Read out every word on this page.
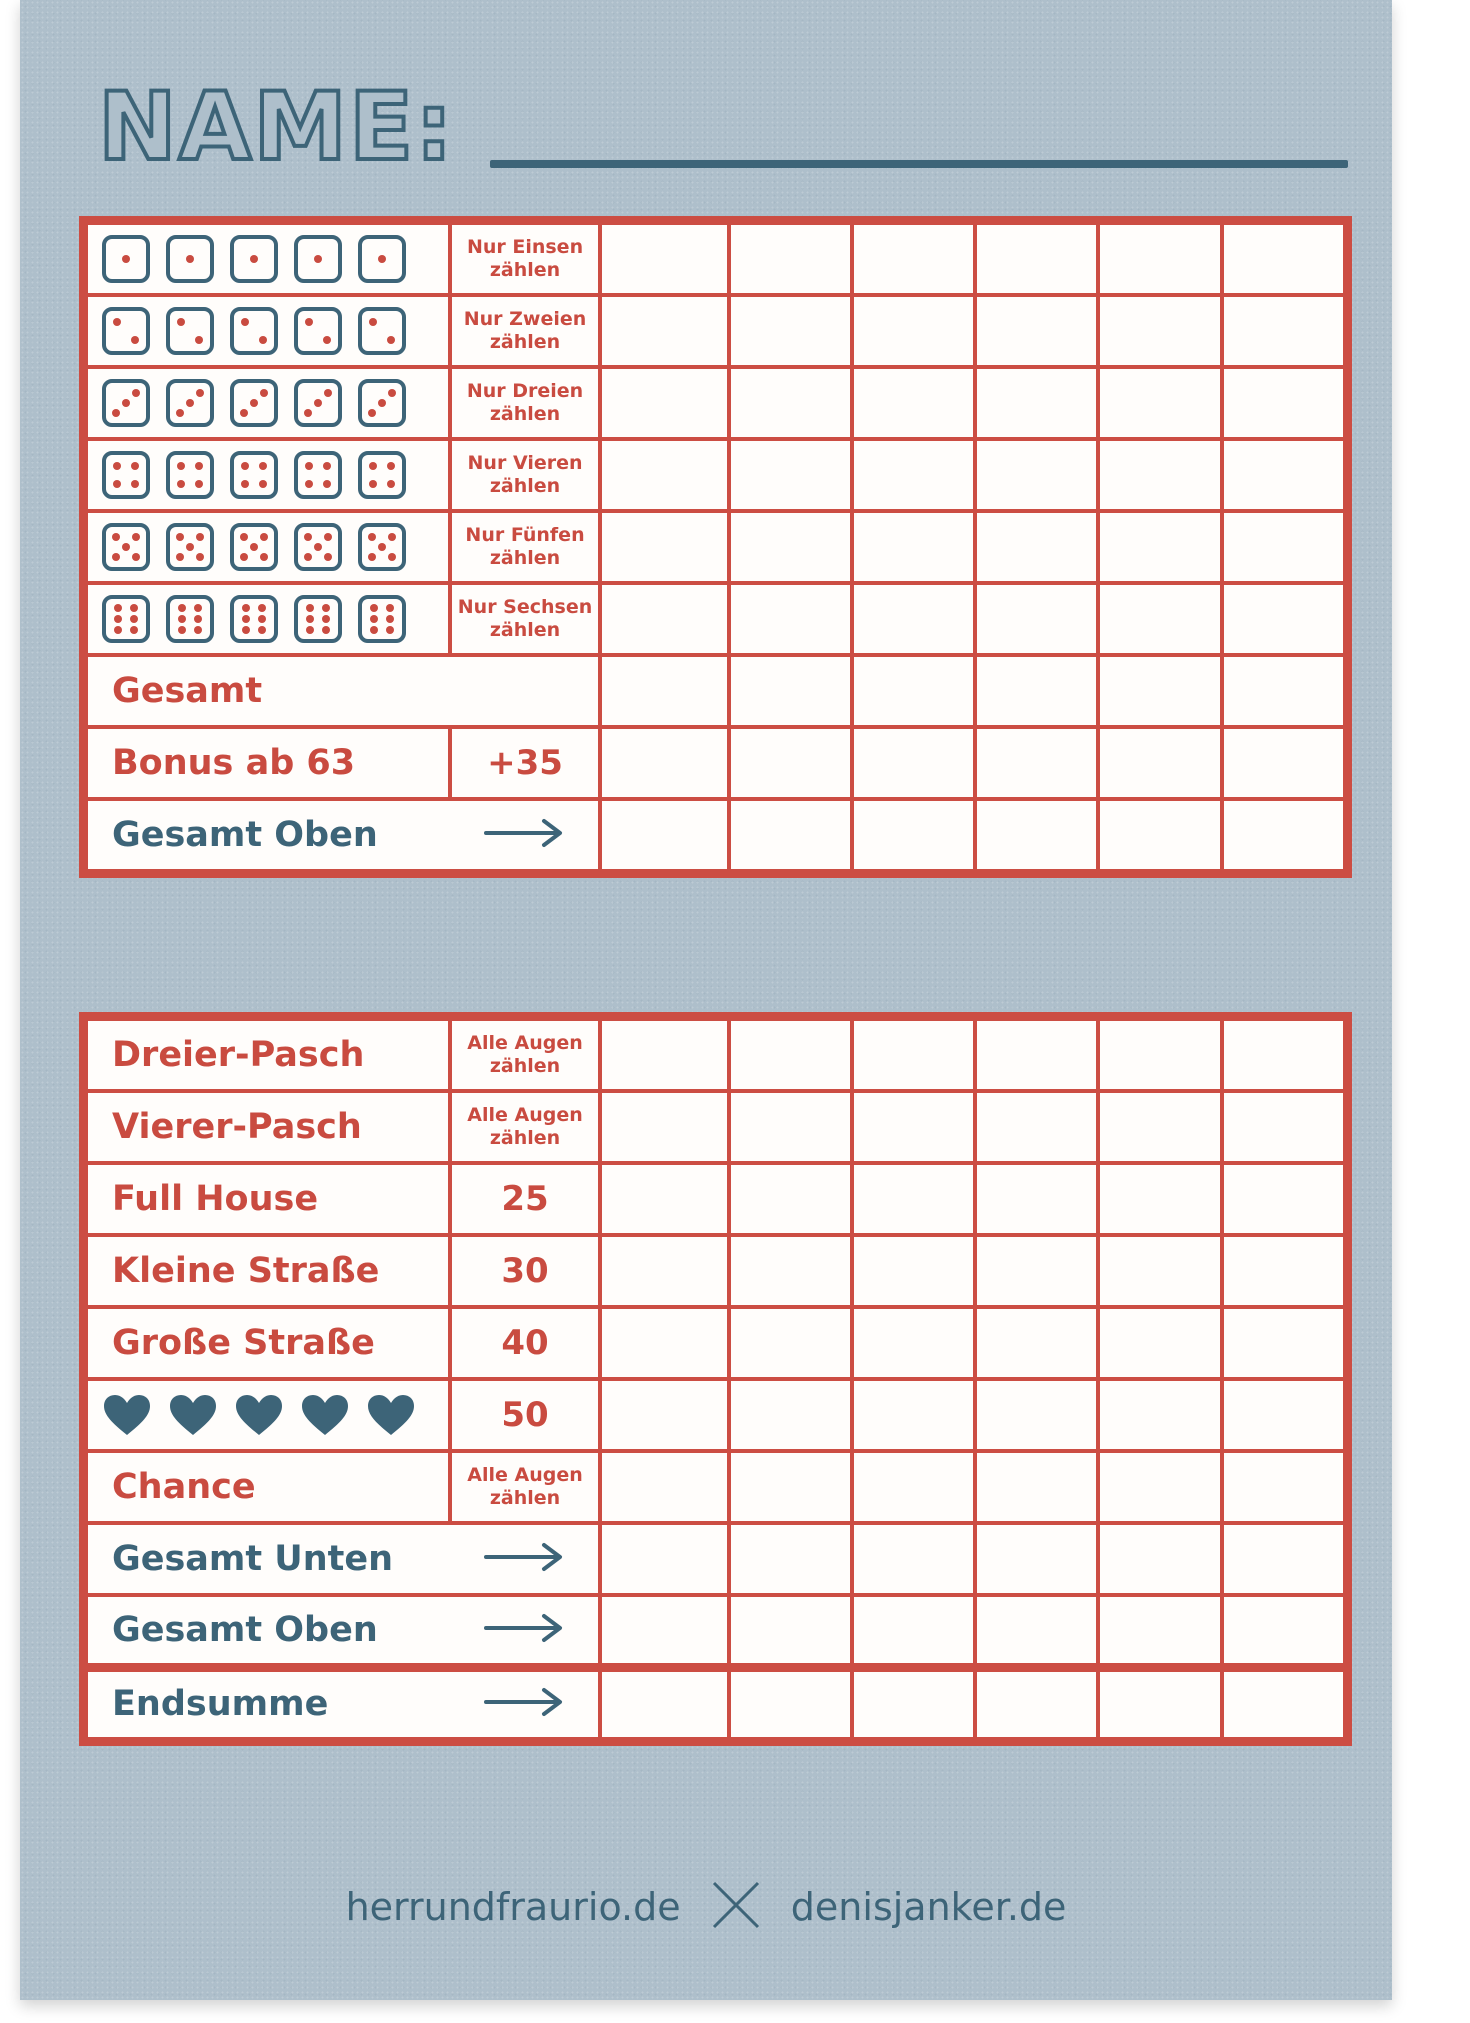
NAME:

	Nur Einsen
zählen						

	Nur Zweien
zählen						

	Nur Dreien
zählen						

	Nur Vieren
zählen						

	Nur Fünfen
zählen						

	Nur Sechsen
zählen						

Gesamt							
Bonus ab 63	+35						
Gesamt Oben							
Dreier-Pasch	Alle Augen
zählen						

Vierer-Pasch	Alle Augen
zählen						

Full House	25						
Kleine Straße	30						
Große Straße	40						

	50						
Chance	Alle Augen
zählen						

Gesamt Unten							
Gesamt Oben							
Endsumme							
herrundfraurio.de	denisjanker.de
